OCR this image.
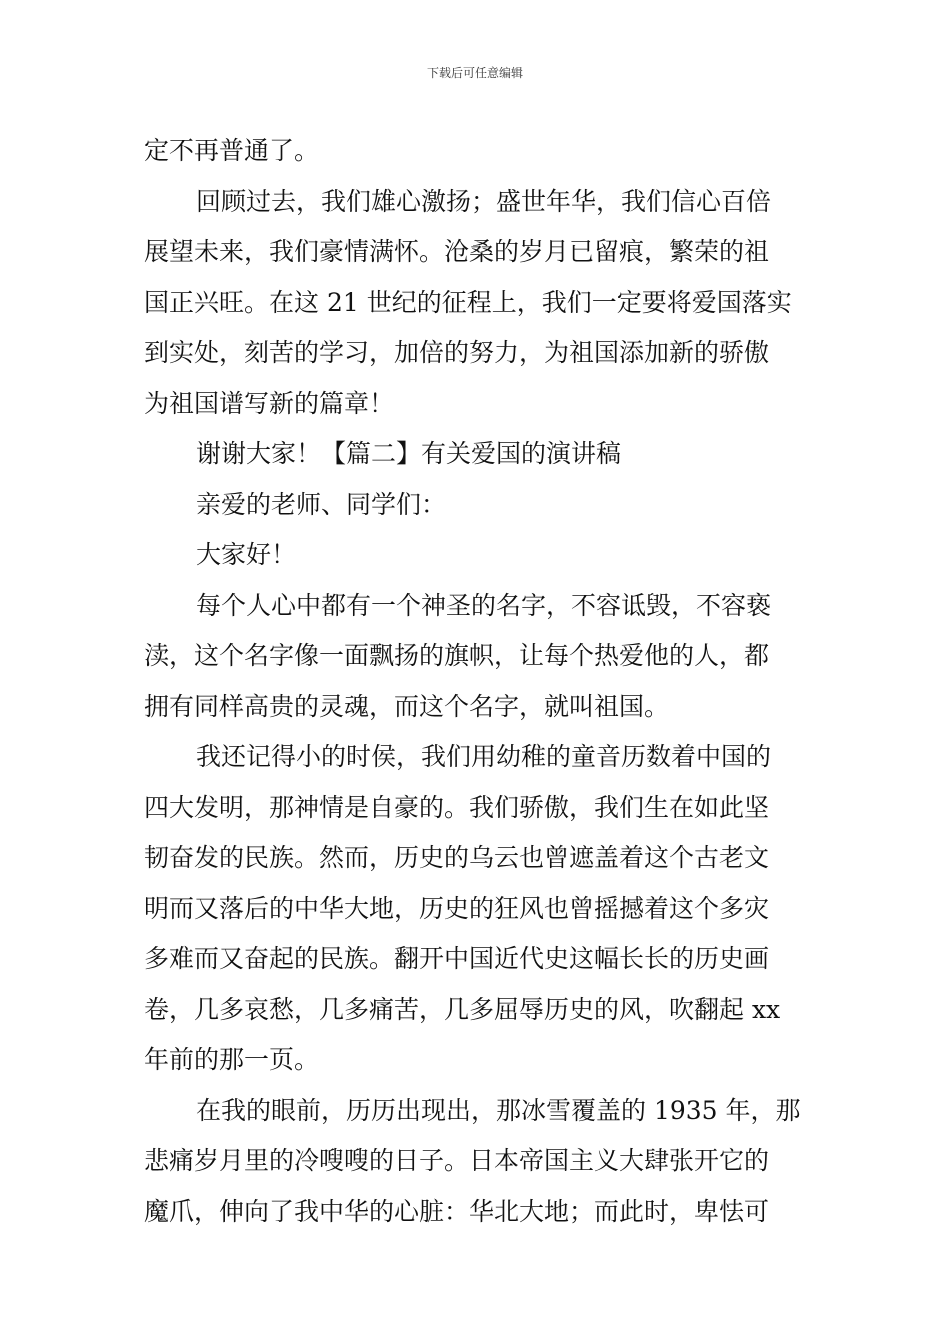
下载后可任意编辑
定不再普通了。
回顾过去，我们雄心激扬；盛世年华，我们信心百倍
展望未来，我们豪情满怀。沧桑的岁月已留痕，繁荣的祖
国正兴旺。在这 21 世纪的征程上，我们一定要将爱国落实
到实处，刻苦的学习，加倍的努力，为祖国添加新的骄傲
为祖国谱写新的篇章！
谢谢大家！【篇二】有关爱国的演讲稿
亲爱的老师、同学们：
大家好！
每个人心中都有一个神圣的名字，不容诋毁，不容亵
渎，这个名字像一面飘扬的旗帜，让每个热爱他的人，都
拥有同样高贵的灵魂，而这个名字，就叫祖国。
我还记得小的时侯，我们用幼稚的童音历数着中国的
四大发明，那神情是自豪的。我们骄傲，我们生在如此坚
韧奋发的民族。然而，历史的乌云也曾遮盖着这个古老文
明而又落后的中华大地，历史的狂风也曾摇撼着这个多灾
多难而又奋起的民族。翻开中国近代史这幅长长的历史画
卷，几多哀愁，几多痛苦，几多屈辱历史的风，吹翻起 xx
年前的那一页。
在我的眼前，历历出现出，那冰雪覆盖的 1935 年，那
悲痛岁月里的冷嗖嗖的日子。日本帝国主义大肆张开它的
魔爪，伸向了我中华的心脏：华北大地；而此时，卑怯可
